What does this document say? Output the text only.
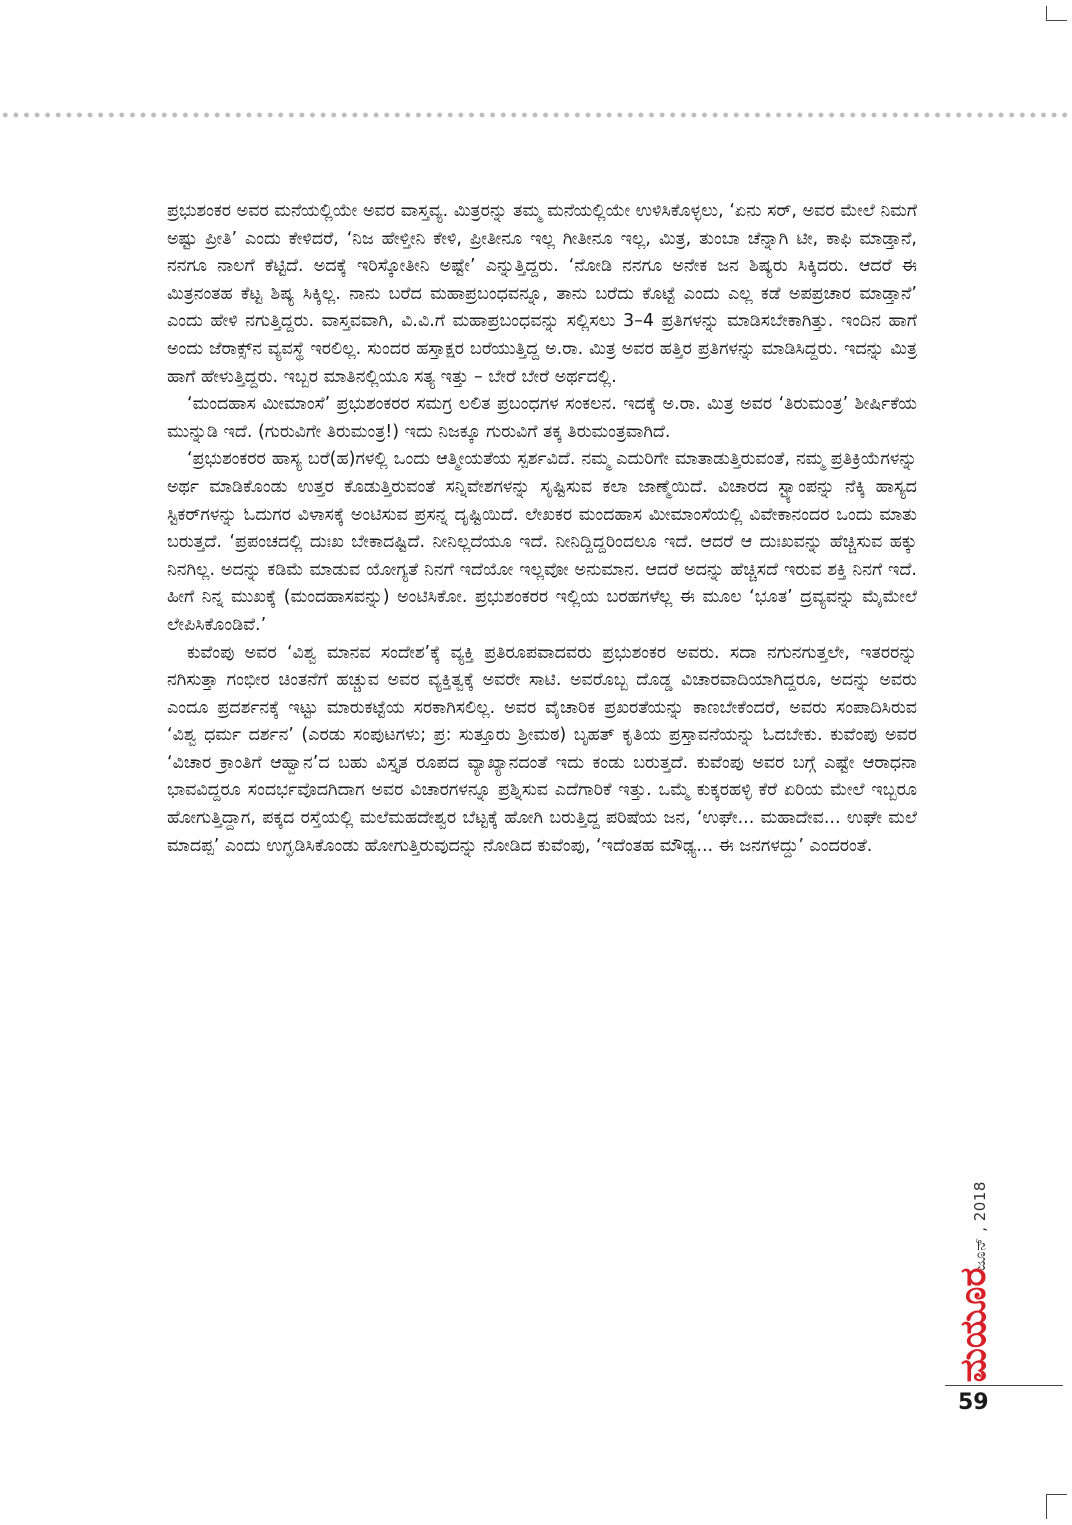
ಪ್ರಭುಶಂಕರ ಅವರ ಮನೆಯಲ್ಲಿಯೇ ಅವರ ವಾಸ್ತವ್ಯ. ಮಿತ್ರರನ್ನು ತಮ್ಮ ಮನೆಯಲ್ಲಿಯೇ ಉಳಿಸಿಕೊಳ್ಳಲು, ‘ಏನು ಸರ್, ಅವರ ಮೇಲೆ ನಿಮಗೆ ಅಷ್ಟು ಪ್ರೀತಿ’ ಎಂದು ಕೇಳಿದರೆ, ‘ನಿಜ ಹೇಳ್ತೀನಿ ಕೇಳಿ, ಪ್ರೀತೀನೂ ಇಲ್ಲ ಗೀತೀನೂ ಇಲ್ಲ, ಮಿತ್ರ, ತುಂಬಾ ಚೆನ್ನಾಗಿ ಟೀ, ಕಾಫಿ ಮಾಡ್ತಾನೆ, ನನಗೂ ನಾಲಗೆ ಕೆಟ್ಟಿದೆ. ಅದಕ್ಕೆ ಇರಿಸ್ಕೋತೀನಿ ಅಷ್ಟೇ’ ಎನ್ನುತ್ತಿದ್ದರು. ‘ನೋಡಿ ನನಗೂ ಅನೇಕ ಜನ ಶಿಷ್ಯರು ಸಿಕ್ಕಿದರು. ಆದರೆ ಈ ಮಿತ್ರನಂತಹ ಕೆಟ್ಟ ಶಿಷ್ಯ ಸಿಕ್ಕಿಲ್ಲ. ನಾನು ಬರೆದ ಮಹಾಪ್ರಬಂಧವನ್ನೂ, ತಾನು ಬರೆದು ಕೊಟ್ಟೆ ಎಂದು ಎಲ್ಲ ಕಡೆ ಅಪಪ್ರಚಾರ ಮಾಡ್ತಾನೆ’ ಎಂದು ಹೇಳಿ ನಗುತ್ತಿದ್ದರು. ವಾಸ್ತವವಾಗಿ, ವಿ.ವಿ.ಗೆ ಮಹಾಪ್ರಬಂಧವನ್ನು ಸಲ್ಲಿಸಲು 3–4 ಪ್ರತಿಗಳನ್ನು ಮಾಡಿಸಬೇಕಾಗಿತ್ತು. ಇಂದಿನ ಹಾಗೆ ಅಂದು ಜೆರಾಕ್ಸ್‌ನ ವ್ಯವಸ್ಥೆ ಇರಲಿಲ್ಲ. ಸುಂದರ ಹಸ್ತಾಕ್ಷರ ಬರೆಯುತ್ತಿದ್ದ ಅ.ರಾ. ಮಿತ್ರ ಅವರ ಹತ್ತಿರ ಪ್ರತಿಗಳನ್ನು ಮಾಡಿಸಿದ್ದರು. ಇದನ್ನು ಮಿತ್ರ ಹಾಗೆ ಹೇಳುತ್ತಿದ್ದರು. ಇಬ್ಬರ ಮಾತಿನಲ್ಲಿಯೂ ಸತ್ಯ ಇತ್ತು – ಬೇರೆ ಬೇರೆ ಅರ್ಥದಲ್ಲಿ.

‘ಮಂದಹಾಸ ಮೀಮಾಂಸೆ’ ಪ್ರಭುಶಂಕರರ ಸಮಗ್ರ ಲಲಿತ ಪ್ರಬಂಧಗಳ ಸಂಕಲನ. ಇದಕ್ಕೆ ಅ.ರಾ. ಮಿತ್ರ ಅವರ ‘ತಿರುಮಂತ್ರ’ ಶೀರ್ಷಿಕೆಯ ಮುನ್ನುಡಿ ಇದೆ. (ಗುರುವಿಗೇ ತಿರುಮಂತ್ರ!) ಇದು ನಿಜಕ್ಕೂ ಗುರುವಿಗೆ ತಕ್ಕ ತಿರುಮಂತ್ರವಾಗಿದೆ.

‘ಪ್ರಭುಶಂಕರರ ಹಾಸ್ಯ ಬರೆ(ಹ)ಗಳಲ್ಲಿ ಒಂದು ಆತ್ಮೀಯತೆಯ ಸ್ಪರ್ಶವಿದೆ. ನಮ್ಮ ಎದುರಿಗೇ ಮಾತಾಡುತ್ತಿರುವಂತೆ, ನಮ್ಮ ಪ್ರತಿಕ್ರಿಯೆಗಳನ್ನು ಅರ್ಥ ಮಾಡಿಕೊಂಡು ಉತ್ತರ ಕೊಡುತ್ತಿರುವಂತೆ ಸನ್ನಿವೇಶಗಳನ್ನು ಸೃಷ್ಟಿಸುವ ಕಲಾ ಜಾಣ್ಮೆಯಿದೆ. ವಿಚಾರದ ಸ್ಟ್ಯಾಂಪನ್ನು ನೆಕ್ಕಿ ಹಾಸ್ಯದ ಸ್ಟಿಕರ್‌ಗಳನ್ನು ಓದುಗರ ವಿಳಾಸಕ್ಕೆ ಅಂಟಿಸುವ ಪ್ರಸನ್ನ ದೃಷ್ಟಿಯಿದೆ. ಲೇಖಕರ ಮಂದಹಾಸ ಮೀಮಾಂಸೆಯಲ್ಲಿ ವಿವೇಕಾನಂದರ ಒಂದು ಮಾತು ಬರುತ್ತದೆ. ‘ಪ್ರಪಂಚದಲ್ಲಿ ದುಃಖ ಬೇಕಾದಷ್ಟಿದೆ. ನೀನಿಲ್ಲದೆಯೂ ಇದೆ. ನೀನಿದ್ದಿದ್ದರಿಂದಲೂ ಇದೆ. ಆದರೆ ಆ ದುಃಖವನ್ನು ಹೆಚ್ಚಿಸುವ ಹಕ್ಕು ನಿನಗಿಲ್ಲ. ಅದನ್ನು ಕಡಿಮೆ ಮಾಡುವ ಯೋಗ್ಯತೆ ನಿನಗೆ ಇದೆಯೋ ಇಲ್ಲವೋ ಅನುಮಾನ. ಆದರೆ ಅದನ್ನು ಹೆಚ್ಚಿಸದೆ ಇರುವ ಶಕ್ತಿ ನಿನಗೆ ಇದೆ. ಹೀಗೆ ನಿನ್ನ ಮುಖಕ್ಕೆ (ಮಂದಹಾಸವನ್ನು) ಅಂಟಿಸಿಕೋ. ಪ್ರಭುಶಂಕರರ ಇಲ್ಲಿಯ ಬರಹಗಳೆಲ್ಲ ಈ ಮೂಲ ‘ಭೂತ’ ದ್ರವ್ಯವನ್ನು ಮೈಮೇಲೆ ಲೇಪಿಸಿಕೊಂಡಿವೆ.’

ಕುವೆಂಪು ಅವರ ‘ವಿಶ್ವ ಮಾನವ ಸಂದೇಶ’ಕ್ಕೆ ವ್ಯಕ್ತಿ ಪ್ರತಿರೂಪವಾದವರು ಪ್ರಭುಶಂಕರ ಅವರು. ಸದಾ ನಗುನಗುತ್ತಲೇ, ಇತರರನ್ನು ನಗಿಸುತ್ತಾ ಗಂಭೀರ ಚಿಂತನೆಗೆ ಹಚ್ಚುವ ಅವರ ವ್ಯಕ್ತಿತ್ವಕ್ಕೆ ಅವರೇ ಸಾಟಿ. ಅವರೊಬ್ಬ ದೊಡ್ಡ ವಿಚಾರವಾದಿಯಾಗಿದ್ದರೂ, ಅದನ್ನು ಅವರು ಎಂದೂ ಪ್ರದರ್ಶನಕ್ಕೆ ಇಟ್ಟು ಮಾರುಕಟ್ಟೆಯ ಸರಕಾಗಿಸಲಿಲ್ಲ. ಅವರ ವೈಚಾರಿಕ ಪ್ರಖರತೆಯನ್ನು ಕಾಣಬೇಕೆಂದರೆ, ಅವರು ಸಂಪಾದಿಸಿರುವ ‘ವಿಶ್ವ ಧರ್ಮ ದರ್ಶನ’ (ಎರಡು ಸಂಪುಟಗಳು; ಪ್ರ: ಸುತ್ತೂರು ಶ್ರೀಮಠ) ಬೃಹತ್ ಕೃತಿಯ ಪ್ರಸ್ತಾವನೆಯನ್ನು ಓದಬೇಕು. ಕುವೆಂಪು ಅವರ ‘ವಿಚಾರ ಕ್ರಾಂತಿಗೆ ಆಹ್ವಾನ’ದ ಬಹು ವಿಸ್ತೃತ ರೂಪದ ವ್ಯಾಖ್ಯಾನದಂತೆ ಇದು ಕಂಡು ಬರುತ್ತದೆ. ಕುವೆಂಪು ಅವರ ಬಗ್ಗೆ ಎಷ್ಟೇ ಆರಾಧನಾ ಭಾವವಿದ್ದರೂ ಸಂದರ್ಭವೊದಗಿದಾಗ ಅವರ ವಿಚಾರಗಳನ್ನೂ ಪ್ರಶ್ನಿಸುವ ಎದೆಗಾರಿಕೆ ಇತ್ತು. ಒಮ್ಮೆ ಕುಕ್ಕರಹಳ್ಳಿ ಕೆರೆ ಏರಿಯ ಮೇಲೆ ಇಬ್ಬರೂ ಹೋಗುತ್ತಿದ್ದಾಗ, ಪಕ್ಕದ ರಸ್ತೆಯಲ್ಲಿ ಮಲೆಮಹದೇಶ್ವರ ಬೆಟ್ಟಕ್ಕೆ ಹೋಗಿ ಬರುತ್ತಿದ್ದ ಪರಿಷೆಯ ಜನ, ‘ಉಘೇ... ಮಹಾದೇವ... ಉಘೇ ಮಲೆ ಮಾದಪ್ಪ’ ಎಂದು ಉಗ್ಘಡಿಸಿಕೊಂಡು ಹೋಗುತ್ತಿರುವುದನ್ನು ನೋಡಿದ ಕುವೆಂಪು, ‘ಇದೆಂತಹ ಮೌಢ್ಯ... ಈ ಜನಗಳದ್ದು’ ಎಂದರಂತೆ.

ಜೂನ್ , 2018
ಮಯೂರ
59
